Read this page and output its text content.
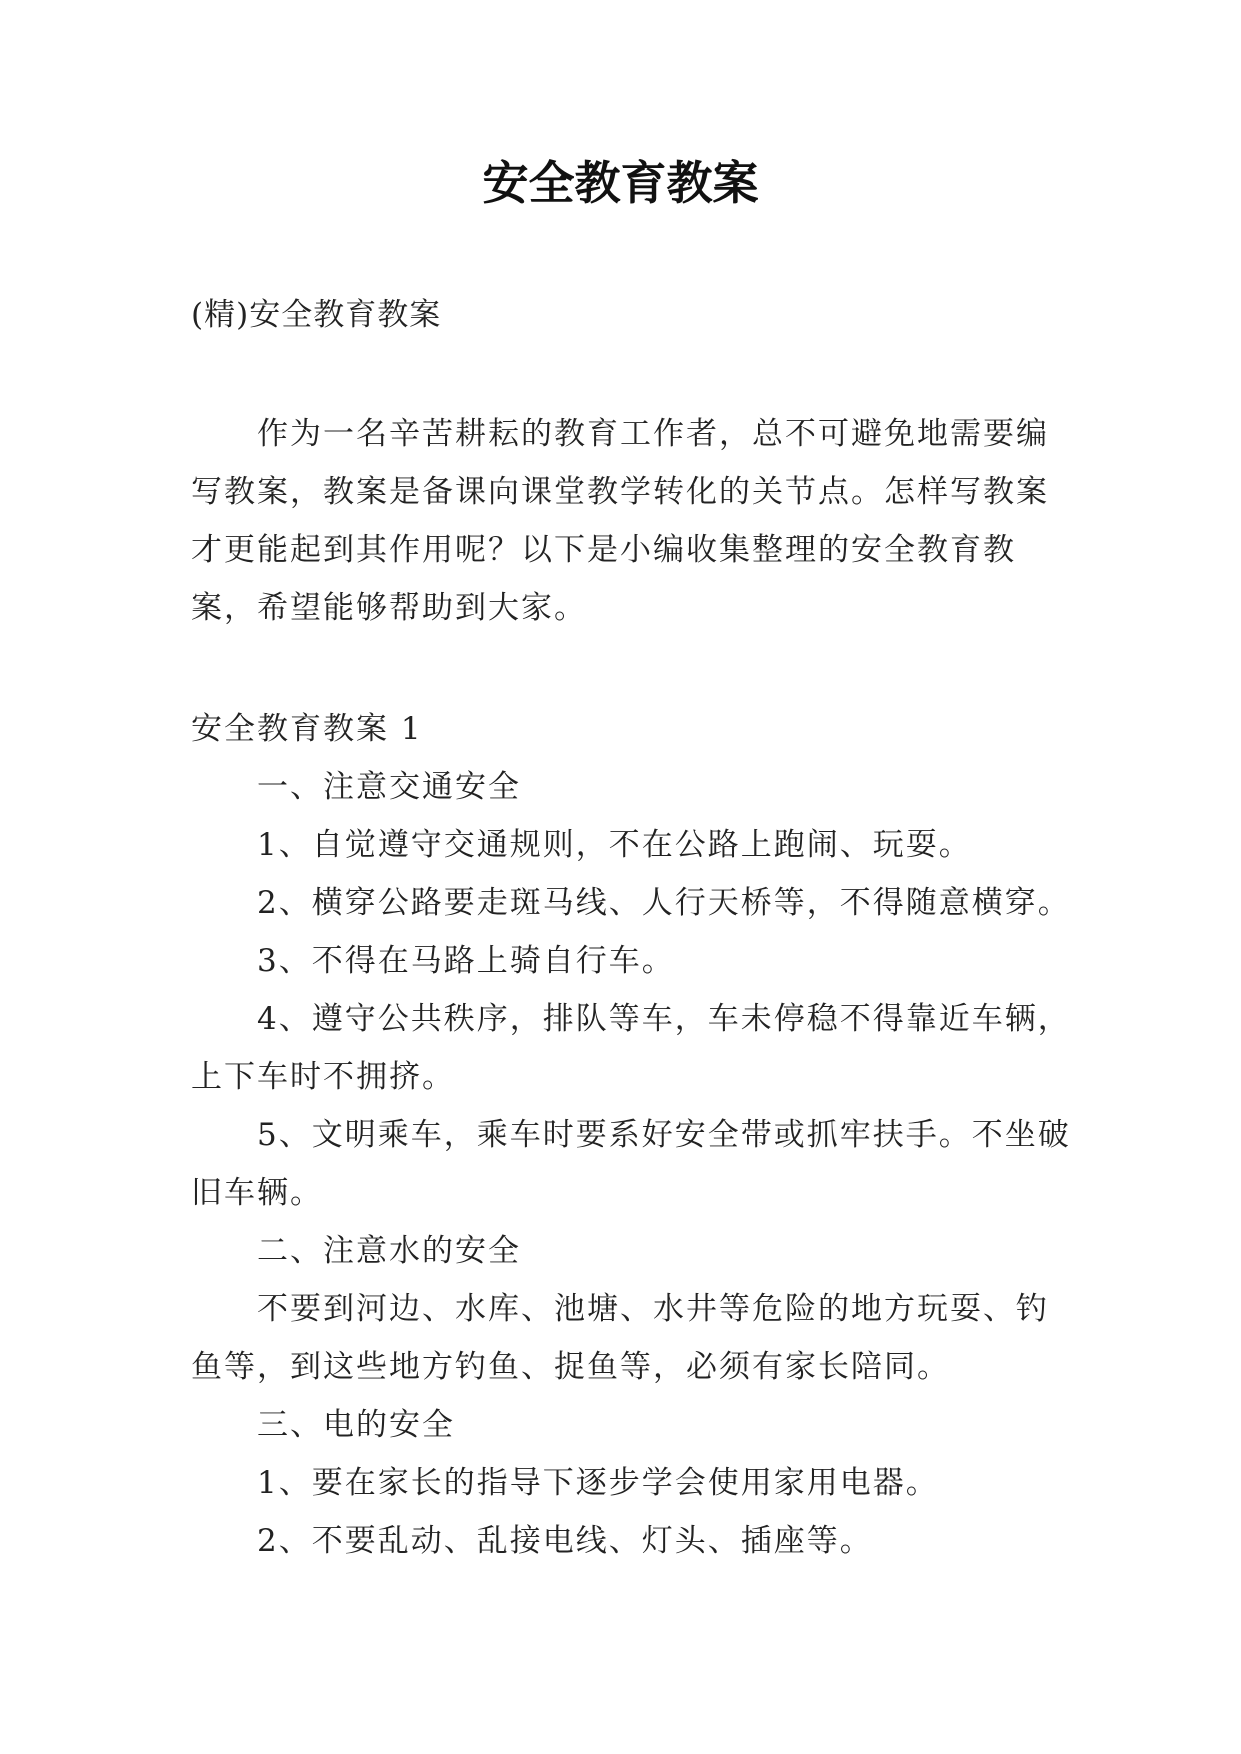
安全教育教案
(精)安全教育教案

作为一名辛苦耕耘的教育工作者，总不可避免地需要编写教案，教案是备课向课堂教学转化的关节点。怎样写教案才更能起到其作用呢？以下是小编收集整理的安全教育教案，希望能够帮助到大家。

安全教育教案 1

一、注意交通安全

1、自觉遵守交通规则，不在公路上跑闹、玩耍。

2、横穿公路要走斑马线、人行天桥等，不得随意横穿。

3、不得在马路上骑自行车。

4、遵守公共秩序，排队等车，车未停稳不得靠近车辆，上下车时不拥挤。

5、文明乘车，乘车时要系好安全带或抓牢扶手。不坐破旧车辆。

二、注意水的安全

不要到河边、水库、池塘、水井等危险的地方玩耍、钓鱼等，到这些地方钓鱼、捉鱼等，必须有家长陪同。

三、电的安全

1、要在家长的指导下逐步学会使用家用电器。

2、不要乱动、乱接电线、灯头、插座等。
